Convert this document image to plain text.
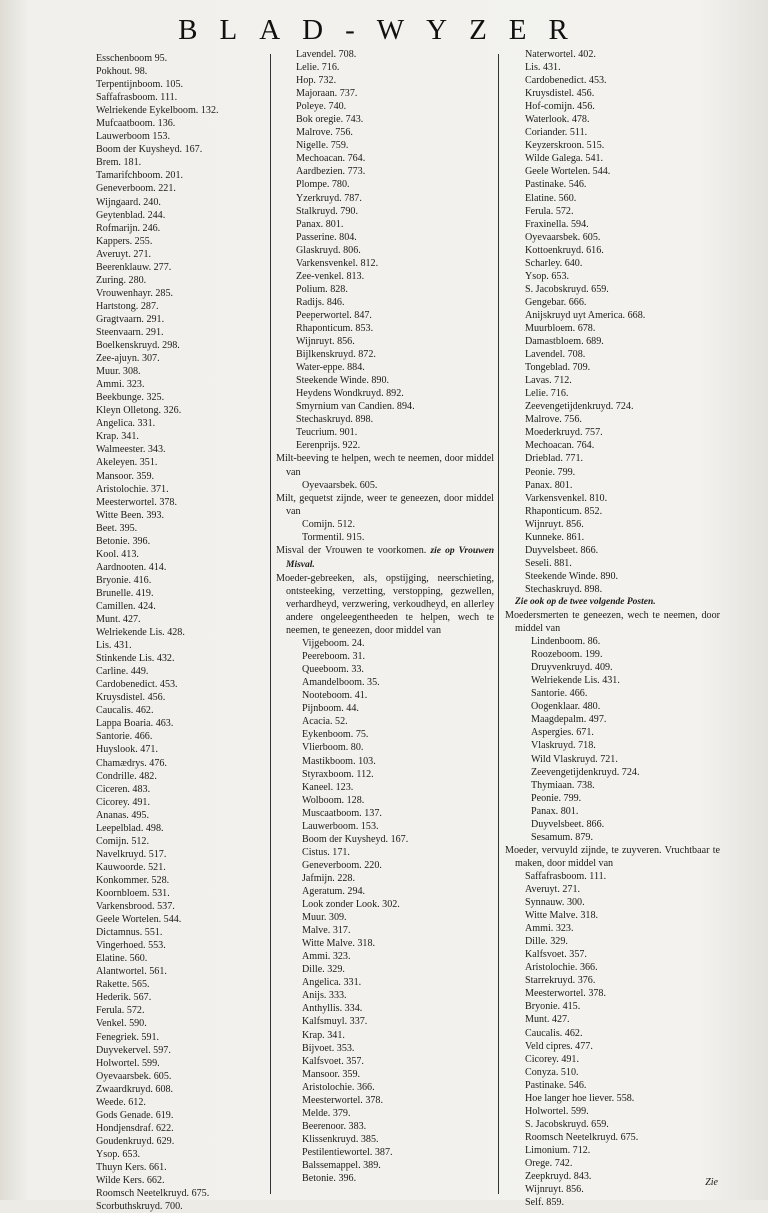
BLAD-WYZER
Esschenboom 95.
Pokhout. 98.
Terpentijnboom. 105.
Saffafrasboom. 111.
Welriekende Eykelboom. 132.
Mufcaatboom. 136.
Lauwerboom 153.
Boom der Kuysheyd. 167.
Brem. 181.
Tamarifchboom. 201.
Geneverboom. 221.
Wijngaard. 240.
Geytenblad. 244.
Rofmarijn. 246.
Kappers. 255.
Averuyt. 271.
Beerenklauw. 277.
Zuring. 280.
Vrouwenhayr. 285.
Hartstong. 287.
Gragtvaarn. 291.
Steenvaarn. 291.
Boelkenskruyd. 298.
Zee-ajuyn. 307.
Muur. 308.
Ammi. 323.
Beekbunge. 325.
Kleyn Olletong. 326.
Angelica. 331.
Krap. 341.
Walmeester. 343.
Akeleyen. 351.
Mansoor. 359.
Aristolochie. 371.
Meesterwortel. 378.
Witte Been. 393.
Beet. 395.
Betonie. 396.
Kool. 413.
Aardnooten. 414.
Bryonie. 416.
Brunelle. 419.
Camillen. 424.
Munt. 427.
Welriekende Lis. 428.
Lis. 431.
Stinkende Lis. 432.
Carline. 449.
Cardobenedict. 453.
Kruysdistel. 456.
Caucalis. 462.
Lappa Boaria. 463.
Santorie. 466.
Huyslook. 471.
Chamædrys. 476.
Condrille. 482.
Ciceren. 483.
Cicorey. 491.
Ananas. 495.
Leepelblad. 498.
Comijn. 512.
Navelkruyd. 517.
Kauwoorde. 521.
Konkommer. 528.
Koornbloem. 531.
Varkensbrood. 537.
Geele Wortelen. 544.
Dictamnus. 551.
Vingerhoed. 553.
Elatine. 560.
Alantwortel. 561.
Rakette. 565.
Hederik. 567.
Ferula. 572.
Venkel. 590.
Fenegriek. 591.
Duyvekervel. 597.
Holwortel. 599.
Oyevaarsbek. 605.
Zwaardkruyd. 608.
Weede. 612.
Gods Genade. 619.
Hondjensdraf. 622.
Goudenkruyd. 629.
Ysop. 653.
Thuyn Kers. 661.
Wilde Kers. 662.
Roomsch Neetelkruyd. 675.
Scorbuthskruyd. 700.
Lavendel. 708.
Lelie. 716.
Hop. 732.
Majoraan. 737.
Poleye. 740.
Bok oregie. 743.
Malrove. 756.
Nigelle. 759.
Mechoacan. 764.
Aardbezien. 773.
Plompe. 780.
Yzerkruyd. 787.
Stalkruyd. 790.
Panax. 801.
Passerine. 804.
Glaskruyd. 806.
Varkensvenkel. 812.
Zee-venkel. 813.
Polium. 828.
Radijs. 846.
Peeperwortel. 847.
Rhaponticum. 853.
Wijnruyt. 856.
Bijlkenskruyd. 872.
Water-eppe. 884.
Steekende Winde. 890.
Heydens Wondkruyd. 892.
Smyrnium van Candien. 894.
Stechaskruyd. 898.
Teucrium. 901.
Eerenprijs. 922.
Milt-beeving te helpen, wech te neemen, door middel van
Oyevaarsbek. 605.
Milt, gequetst zijnde, weer te geneezen, door middel van
Comijn. 512.
Tormentil. 915.
Misval der Vrouwen te voorkomen. zie op Vrouwen Misval.
Moeder-gebreeken, als, opstijging, neerschieting, ontsteeking, verzetting, verstopping, gezwellen, verhardheyd, verzwering, verkoudheyd, en allerley andere ongeleegentheeden te helpen, wech te neemen, te geneezen, door middel van
Vijgeboom. 24.
Peereboom. 31.
Queeboom. 33.
Amandelboom. 35.
Nooteboom. 41.
Pijnboom. 44.
Acacia. 52.
Eykenboom. 75.
Vlierboom. 80.
Mastikboom. 103.
Styraxboom. 112.
Kaneel. 123.
Wolboom. 128.
Muscaatboom. 137.
Lauwerboom. 153.
Boom der Kuysheyd. 167.
Cistus. 171.
Geneverboom. 220.
Jafmijn. 228.
Ageratum. 294.
Look zonder Look. 302.
Muur. 309.
Malve. 317.
Witte Malve. 318.
Ammi. 323.
Dille. 329.
Angelica. 331.
Anijs. 333.
Anthyllis. 334.
Kalfsmuyl. 337.
Krap. 341.
Bijvoet. 353.
Kalfsvoet. 357.
Mansoor. 359.
Aristolochie. 366.
Meesterwortel. 378.
Melde. 379.
Beerenoor. 383.
Klissenkruyd. 385.
Pestilentiewortel. 387.
Balssemappel. 389.
Betonie. 396.
Naterwortel. 402.
Lis. 431.
Cardobenedict. 453.
Kruysdistel. 456.
Hof-comijn. 456.
Waterlook. 478.
Coriander. 511.
Keyzerskroon. 515.
Wilde Galega. 541.
Geele Wortelen. 544.
Pastinake. 546.
Elatine. 560.
Ferula. 572.
Fraxinella. 594.
Oyevaarsbek. 605.
Kottoenkruyd. 616.
Scharley. 640.
Ysop. 653.
S. Jacobskruyd. 659.
Gengebar. 666.
Anijskruyd uyt America. 668.
Muurbloem. 678.
Damastbloem. 689.
Lavendel. 708.
Tongeblad. 709.
Lavas. 712.
Lelie. 716.
Zeevengetijdenkruyd. 724.
Malrove. 756.
Moederkruyd. 757.
Mechoacan. 764.
Drieblad. 771.
Peonie. 799.
Panax. 801.
Varkensvenkel. 810.
Rhaponticum. 852.
Wijnruyt. 856.
Kunneke. 861.
Duyvelsbeet. 866.
Seseli. 881.
Steekende Winde. 890.
Stechaskruyd. 898.
Zie ook op de twee volgende Posten.
Moedersmerten te geneezen, wech te neemen, door middel van
Lindenboom. 86.
Roozeboom. 199.
Druyvenkruyd. 409.
Welriekende Lis. 431.
Santorie. 466.
Oogenklaar. 480.
Maagdepalm. 497.
Aspergies. 671.
Vlaskruyd. 718.
Wild Vlaskruyd. 721.
Zeevengetijdenkruyd. 724.
Thymiaan. 738.
Peonie. 799.
Panax. 801.
Duyvelsbeet. 866.
Sesamum. 879.
Moeder, vervuyld zijnde, te zuyveren. Vruchtbaar te maken, door middel van
Saffafrasboom. 111.
Averuyt. 271.
Synnauw. 300.
Witte Malve. 318.
Ammi. 323.
Dille. 329.
Kalfsvoet. 357.
Aristolochie. 366.
Starrekruyd. 376.
Meesterwortel. 378.
Bryonie. 415.
Munt. 427.
Caucalis. 462.
Veld cipres. 477.
Cicorey. 491.
Conyza. 510.
Pastinake. 546.
Hoe langer hoe liever. 558.
Holwortel. 599.
S. Jacobskruyd. 659.
Roomsch Neetelkruyd. 675.
Limonium. 712.
Orege. 742.
Zeepkruyd. 843.
Wijnruyt. 856.
Self. 859.
Zie
